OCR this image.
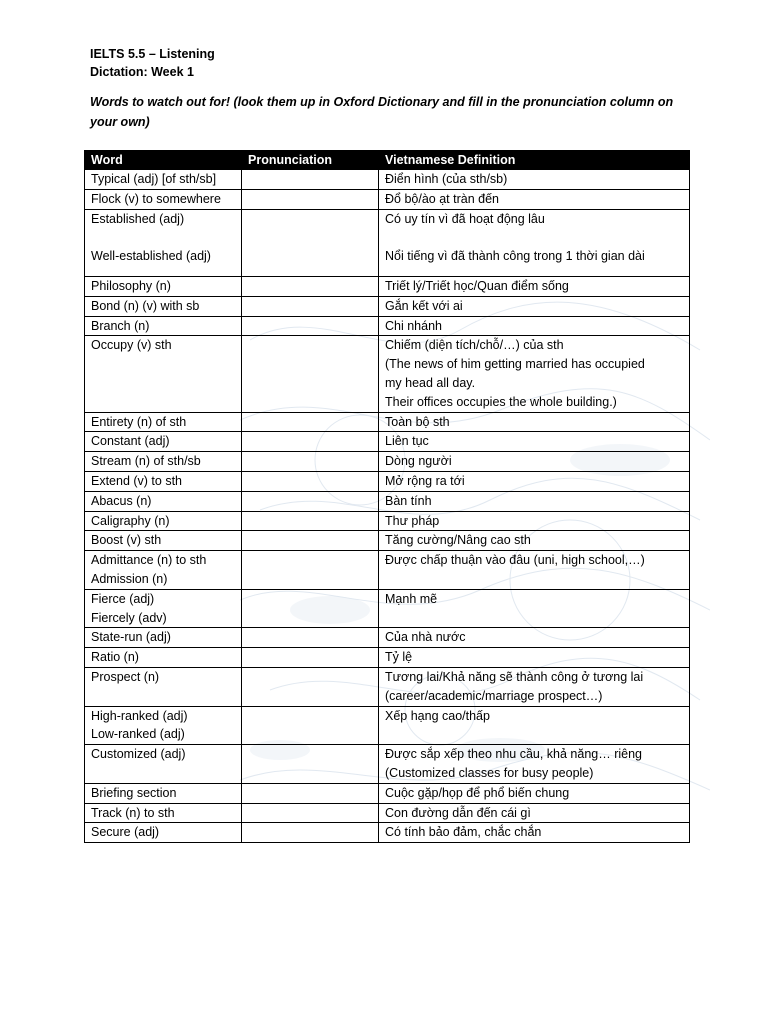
IELTS 5.5 – Listening
Dictation: Week 1
Words to watch out for! (look them up in Oxford Dictionary and fill in the pronunciation column on your own)
Word	Pronunciation	Vietnamese Definition

Typical (adj) [of sth/sb]		Điển hình (của sth/sb)

Flock (v) to somewhere		Đổ bộ/ào ạt tràn đến

Established (adj)
Well-established (adj)		Có uy tín vì đã hoạt động lâu
Nổi tiếng vì đã thành công trong 1 thời gian dài

Philosophy (n)		Triết lý/Triết học/Quan điểm sống

Bond (n) (v) with sb		Gắn kết với ai

Branch (n)		Chi nhánh

Occupy (v) sth		Chiếm (diện tích/chỗ/…) của sth
(The news of him getting married has occupied
my head all day.
Their offices occupies the whole building.)

Entirety (n) of sth		Toàn bộ sth

Constant (adj)		Liên tục

Stream (n) of sth/sb		Dòng người

Extend (v) to sth		Mở rộng ra tới

Abacus (n)		Bàn tính

Caligraphy (n)		Thư pháp

Boost (v) sth		Tăng cường/Nâng cao sth

Admittance (n) to sth
Admission (n)		Được chấp thuận vào đâu (uni, high school,…)

Fierce (adj)
Fiercely (adv)		Mạnh mẽ

State-run (adj)		Của nhà nước

Ratio (n)		Tỷ lệ

Prospect (n)		Tương lai/Khả năng sẽ thành công ở tương lai
(career/academic/marriage prospect…)

High-ranked (adj)
Low-ranked (adj)		Xếp hạng cao/thấp

Customized (adj)		Được sắp xếp theo nhu cầu, khả năng… riêng
(Customized classes for busy people)

Briefing section		Cuộc gặp/họp để phổ biến chung

Track (n) to sth		Con đường dẫn đến cái gì

Secure (adj)		Có tính bảo đảm, chắc chắn
